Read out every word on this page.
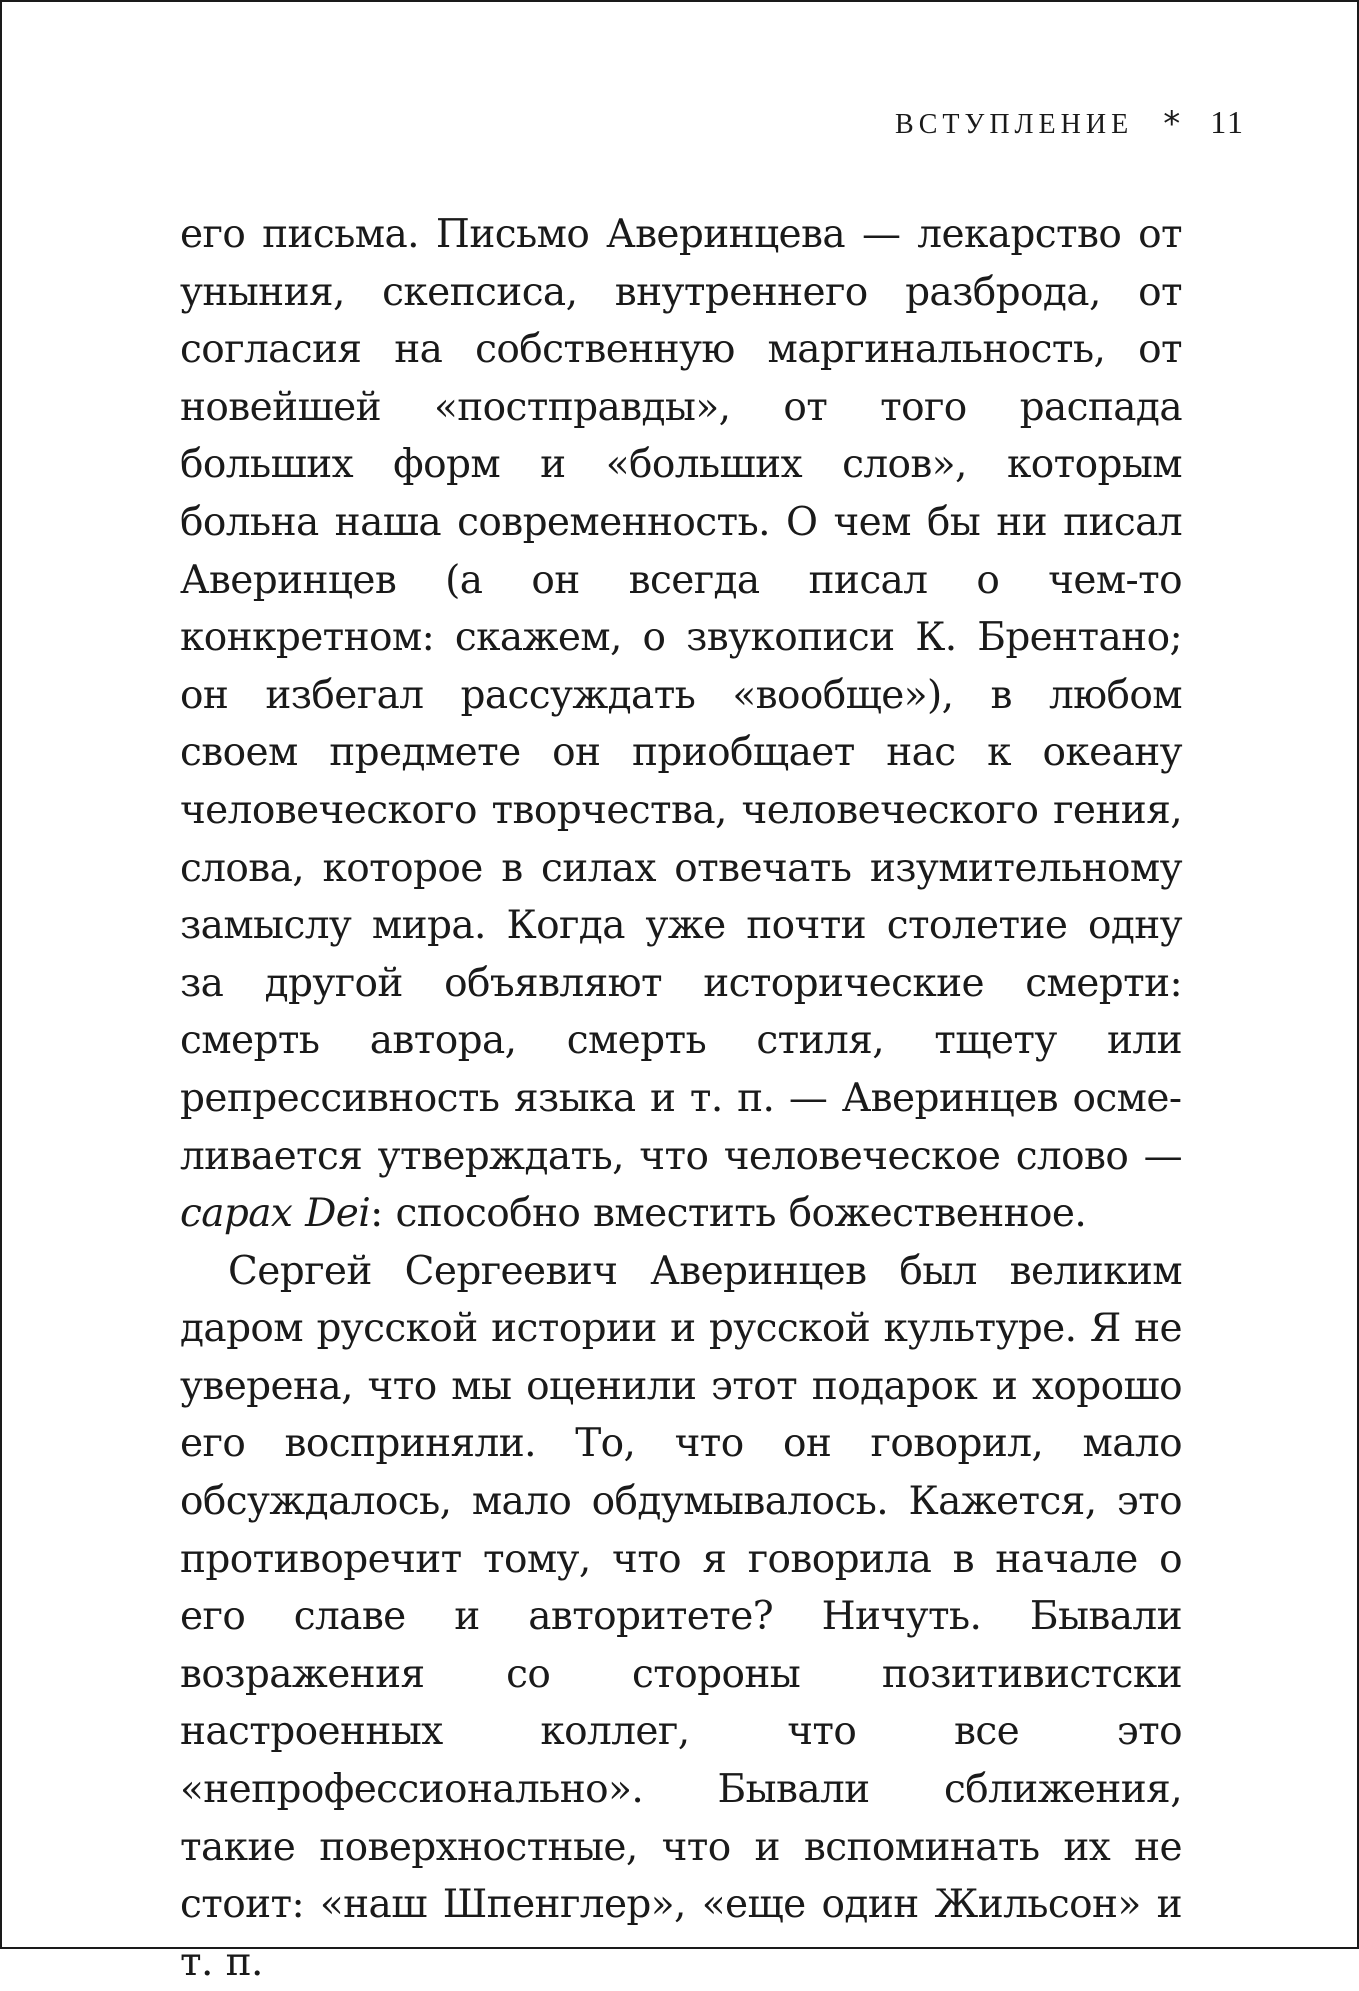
ВСТУПЛЕНИЕ * 11

его письма. Письмо Аверинцева — лекарство от уныния, скепсиса, внутреннего разброда, от согласия на собственную маргинальность, от новейшей «постправды», от того распада больших форм и «больших слов», которым больна наша современность. О чем бы ни писал Аверинцев (а он всегда писал о чем-то конкретном: скажем, о звукописи К. Брентано; он избегал рассуждать «вообще»), в любом своем предмете он приобщает нас к океану человеческого творчества, человеческого гения, слова, которое в силах отвечать изумительному замыслу мира. Когда уже почти столетие одну за другой объявляют исторические смерти: смерть автора, смерть стиля, тщету или репрессивность языка и т. п. — Аверинцев осмеливается утверждать, что человеческое слово — capax Dei: способно вместить божественное.

Сергей Сергеевич Аверинцев был великим даром русской истории и русской культуре. Я не уверена, что мы оценили этот подарок и хорошо его восприняли. То, что он говорил, мало обсуждалось, мало обдумывалось. Кажется, это противоречит тому, что я говорила в начале о его славе и авторитете? Ничуть. Бывали возражения со стороны позитивистски настроенных коллег, что все это «непрофессионально». Бывали сближения, такие поверхностные, что и вспоминать их не стоит: «наш Шпенглер», «еще один Жильсон» и т. п.
